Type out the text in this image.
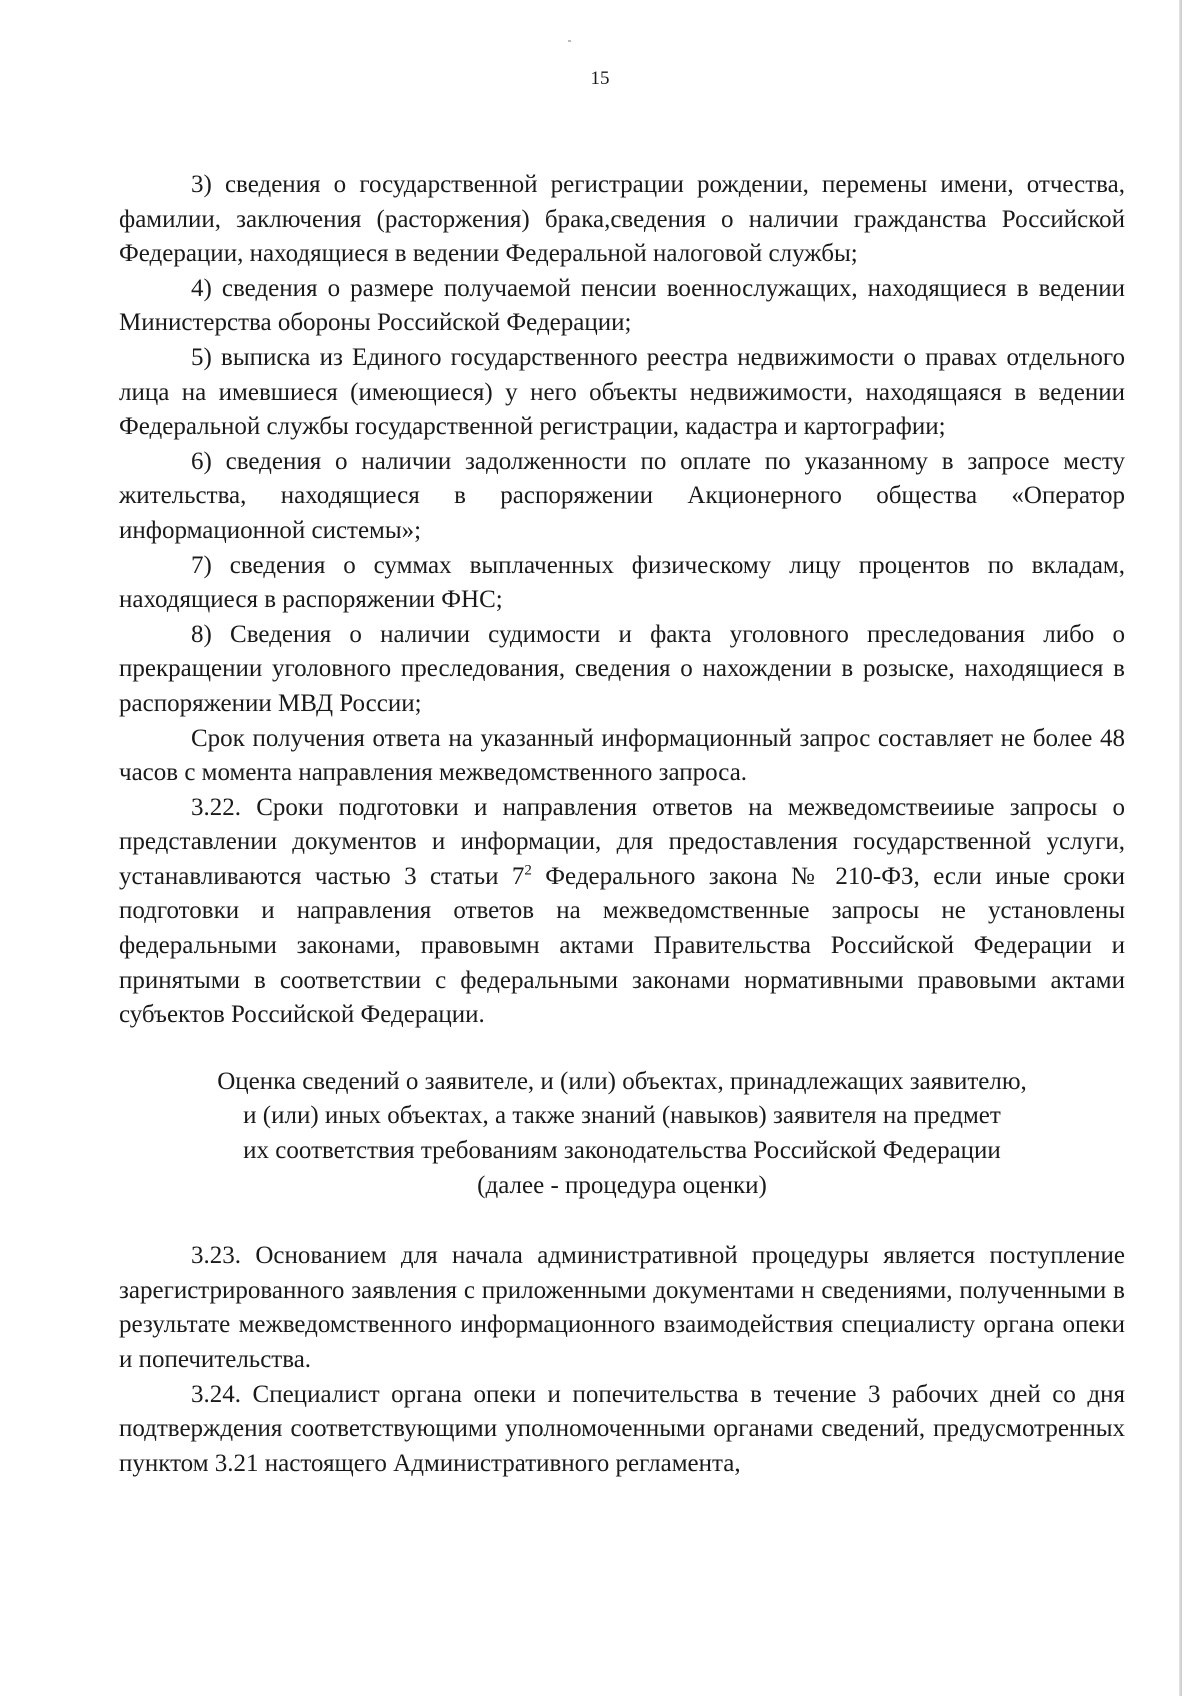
15

3) сведения о государственной регистрации рождении, перемены имени, отчества, фамилии, заключения (расторжения) брака,сведения о наличии гражданства Российской Федерации, находящиеся в ведении Федеральной налоговой службы;

4) сведения о размере получаемой пенсии военнослужащих, находящиеся в ведении Министерства обороны Российской Федерации;

5) выписка из Единого государственного реестра недвижимости о правах отдельного лица на имевшиеся (имеющиеся) у него объекты недвижимости, находящаяся в ведении Федеральной службы государственной регистрации, кадастра и картографии;

6) сведения о наличии задолженности по оплате по указанному в запросе месту жительства, находящиеся в распоряжении Акционерного общества «Оператор информационной системы»;

7) сведения о суммах выплаченных физическому лицу процентов по вкладам, находящиеся в распоряжении ФНС;

8) Сведения о наличии судимости и факта уголовного преследования либо о прекращении уголовного преследования, сведения о нахождении в розыске, находящиеся в распоряжении МВД России;

Срок получения ответа на указанный информационный запрос составляет не более 48 часов с момента направления межведомственного запроса.

3.22. Сроки подготовки и направления ответов на межведомствеииые запросы о представлении документов и информации, для предоставления государственной услуги, устанавливаются частью 3 статьи $7^2$ Федерального закона № 210-ФЗ, если иные сроки подготовки и направления ответов на межведомственные запросы не установлены федеральными законами, правовымн актами Правительства Российской Федерации и принятыми в соответствии с федеральными законами нормативными правовыми актами субъектов Российской Федерации.

Оценка сведений о заявителе, и (или) объектах, принадлежащих заявителю,
и (или) иных объектах, а также знаний (навыков) заявителя на предмет
их соответствия требованиям законодательства Российской Федерации
(далее - процедура оценки)

3.23. Основанием для начала административной процедуры является поступление зарегистрированного заявления с приложенными документами н сведениями, полученными в результате межведомственного информационного взаимодействия специалисту органа опеки и попечительства.

3.24. Специалист органа опеки и попечительства в течение 3 рабочих дней со дня подтверждения соответствующими уполномоченными органами сведений, предусмотренных пунктом 3.21 настоящего Административного регламента,
